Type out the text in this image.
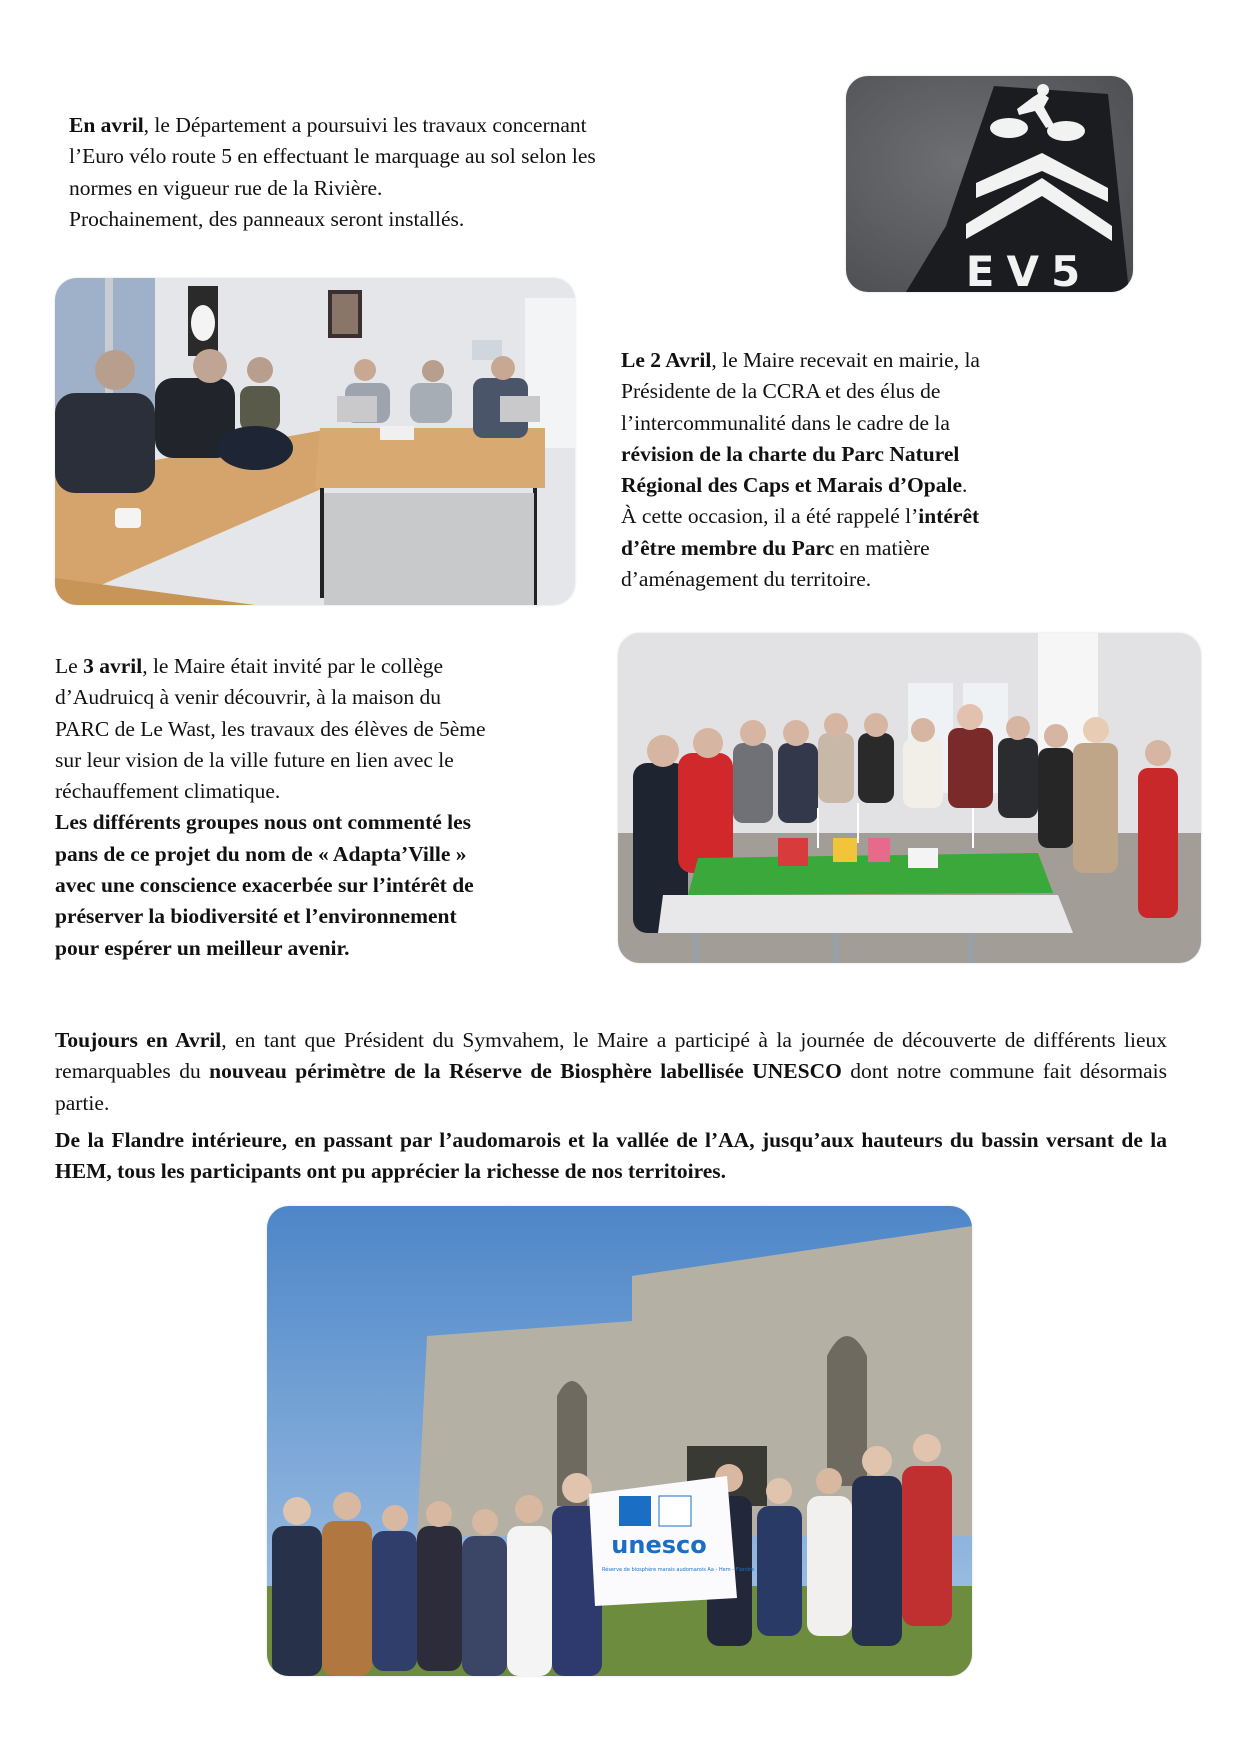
En avril, le Département a poursuivi les travaux concernant
l’Euro vélo route 5 en effectuant le marquage au sol selon les
normes en vigueur rue de la Rivière.
Prochainement, des panneaux seront installés.
EV5
Le 2 Avril, le Maire recevait en mairie, la
Présidente de la CCRA et des élus de
l’intercommunalité dans le cadre de la
révision de la charte du Parc Naturel
Régional des Caps et Marais d’Opale.
À cette occasion, il a été rappelé l’intérêt
d’être membre du Parc en matière
d’aménagement du territoire.
Le 3 avril, le Maire était invité par le collège
d’Audruicq à venir découvrir, à la maison du
PARC de Le Wast, les travaux des élèves de 5ème
sur leur vision de la ville future en lien avec le
réchauffement climatique.
Les différents groupes nous ont commenté les
pans de ce projet du nom de « Adapta’Ville »
avec une conscience exacerbée sur l’intérêt de
préserver la biodiversité et l’environnement
pour espérer un meilleur avenir.
Toujours en Avril, en tant que Président du Symvahem, le Maire a participé à la journée de découverte de différents lieux remarquables du nouveau périmètre de la Réserve de Biosphère labellisée UNESCO dont notre commune fait désormais partie.
De la Flandre intérieure, en passant par l’audomarois et la vallée de l’AA, jusqu’aux hauteurs du bassin versant de la HEM, tous les participants ont pu apprécier la richesse de nos territoires.
unesco
Réserve de biosphère marais audomarois Aa - Hem - Flandre
